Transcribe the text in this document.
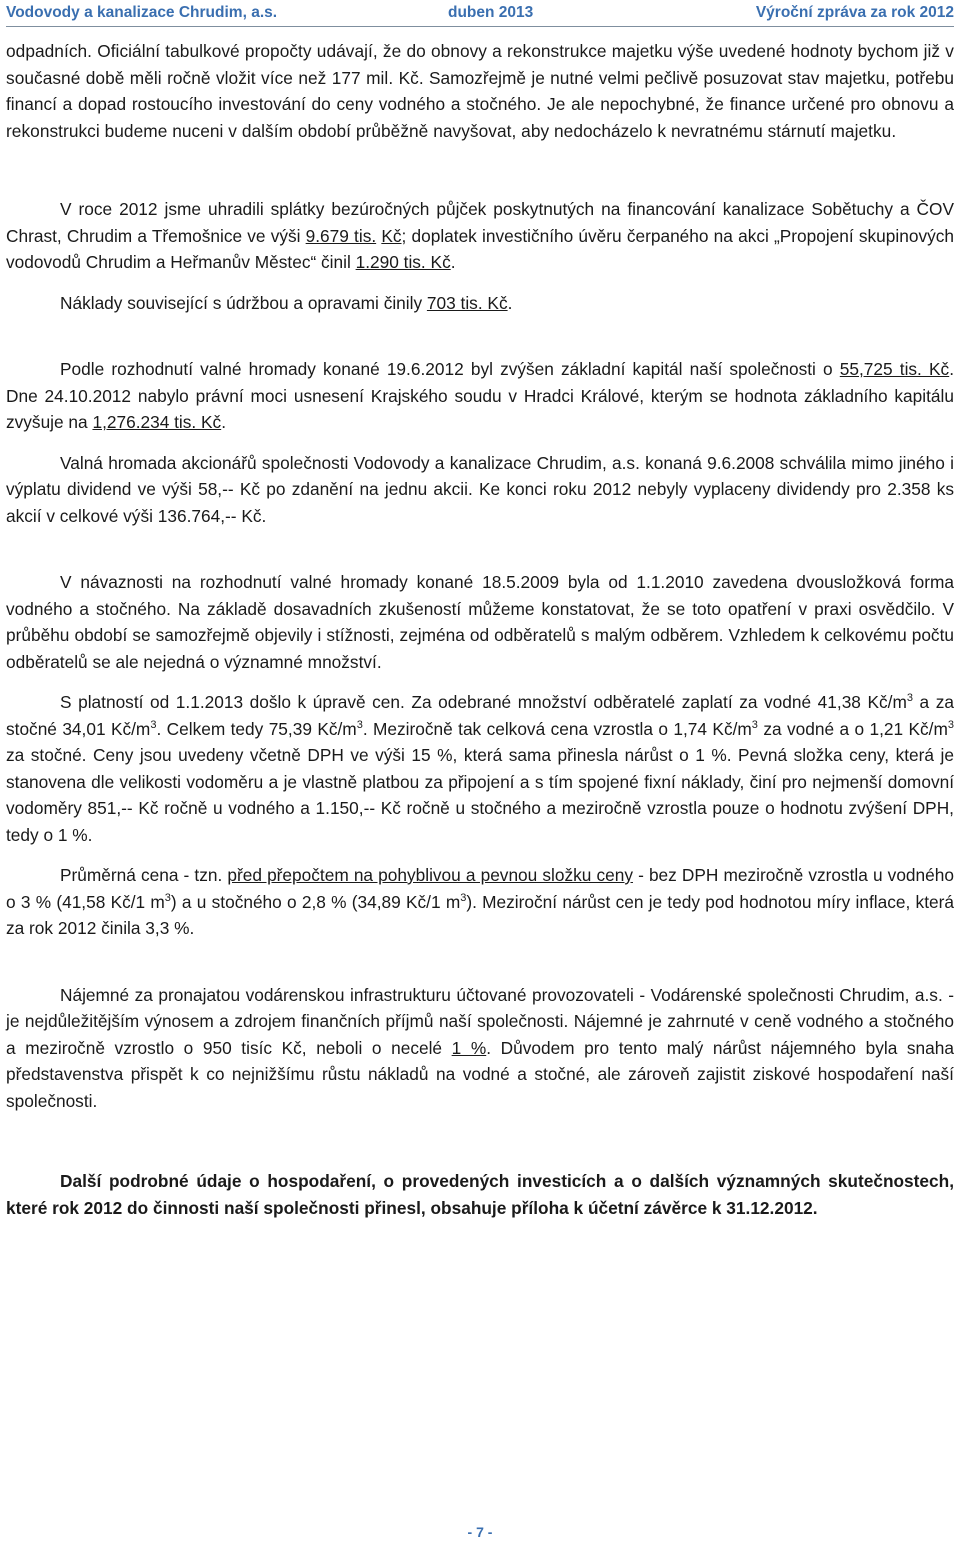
Vodovody a kanalizace Chrudim, a.s.	duben 2013	Výroční zpráva za rok 2012

odpadních. Oficiální tabulkové propočty udávají, že do obnovy a rekonstrukce majetku výše uvedené hodnoty bychom již v současné době měli ročně vložit více než 177 mil. Kč. Samozřejmě je nutné velmi pečlivě posuzovat stav majetku, potřebu financí a dopad rostoucího investování do ceny vodného a stočného. Je ale nepochybné, že finance určené pro obnovu a rekonstrukci budeme nuceni v dalším období průběžně navyšovat, aby nedocházelo k nevratnému stárnutí majetku.

V roce 2012 jsme uhradili splátky bezúročných půjček poskytnutých na financování kanalizace Sobětuchy a ČOV Chrast, Chrudim a Třemošnice ve výši 9.679 tis. Kč; doplatek investičního úvěru čerpaného na akci „Propojení skupinových vodovodů Chrudim a Heřmanův Městec“ činil 1.290 tis. Kč.

Náklady související s údržbou a opravami činily 703 tis. Kč.

Podle rozhodnutí valné hromady konané 19.6.2012 byl zvýšen základní kapitál naší společnosti o 55,725 tis. Kč. Dne 24.10.2012 nabylo právní moci usnesení Krajského soudu v Hradci Králové, kterým se hodnota základního kapitálu zvyšuje na 1,276.234 tis. Kč.

Valná hromada akcionářů společnosti Vodovody a kanalizace Chrudim, a.s. konaná 9.6.2008 schválila mimo jiného i výplatu dividend ve výši 58,-- Kč po zdanění na jednu akcii. Ke konci roku 2012 nebyly vyplaceny dividendy pro 2.358 ks akcií v celkové výši 136.764,-- Kč.

V návaznosti na rozhodnutí valné hromady konané 18.5.2009 byla od 1.1.2010 zavedena dvousložková forma vodného a stočného. Na základě dosavadních zkušeností můžeme konstatovat, že se toto opatření v praxi osvědčilo. V průběhu období se samozřejmě objevily i stížnosti, zejména od odběratelů s malým odběrem. Vzhledem k celkovému počtu odběratelů se ale nejedná o významné množství.

S platností od 1.1.2013 došlo k úpravě cen. Za odebrané množství odběratelé zaplatí za vodné 41,38 $Kč/m^3$ a za stočné 34,01 $Kč/m^3$. Celkem tedy 75,39 $Kč/m^3$. Meziročně tak celková cena vzrostla o 1,74 $Kč/m^3$ za vodné a o 1,21 $Kč/m^3$ za stočné. Ceny jsou uvedeny včetně DPH ve výši 15 %, která sama přinesla nárůst o 1 %. Pevná složka ceny, která je stanovena dle velikosti vodoměru a je vlastně platbou za připojení a s tím spojené fixní náklady, činí pro nejmenší domovní vodoměry 851,-- Kč ročně u vodného a 1.150,-- Kč ročně u stočného a meziročně vzrostla pouze o hodnotu zvýšení DPH, tedy o 1 %.

Průměrná cena - tzn. před přepočtem na pohyblivou a pevnou složku ceny - bez DPH meziročně vzrostla u vodného o 3 % (41,58 Kč/1 $m^3$) a u stočného o 2,8 % (34,89 Kč/1 $m^3$). Meziroční nárůst cen je tedy pod hodnotou míry inflace, která za rok 2012 činila 3,3 %.

Nájemné za pronajatou vodárenskou infrastrukturu účtované provozovateli - Vodárenské společnosti Chrudim, a.s. - je nejdůležitějším výnosem a zdrojem finančních příjmů naší společnosti. Nájemné je zahrnuté v ceně vodného a stočného a meziročně vzrostlo o 950 tisíc Kč, neboli o necelé 1 %. Důvodem pro tento malý nárůst nájemného byla snaha představenstva přispět k co nejnižšímu růstu nákladů na vodné a stočné, ale zároveň zajistit ziskové hospodaření naší společnosti.

Další podrobné údaje o hospodaření, o provedených investicích a o dalších významných skutečnostech, které rok 2012 do činnosti naší společnosti přinesl, obsahuje příloha k účetní závěrce k 31.12.2012.

- 7 -
